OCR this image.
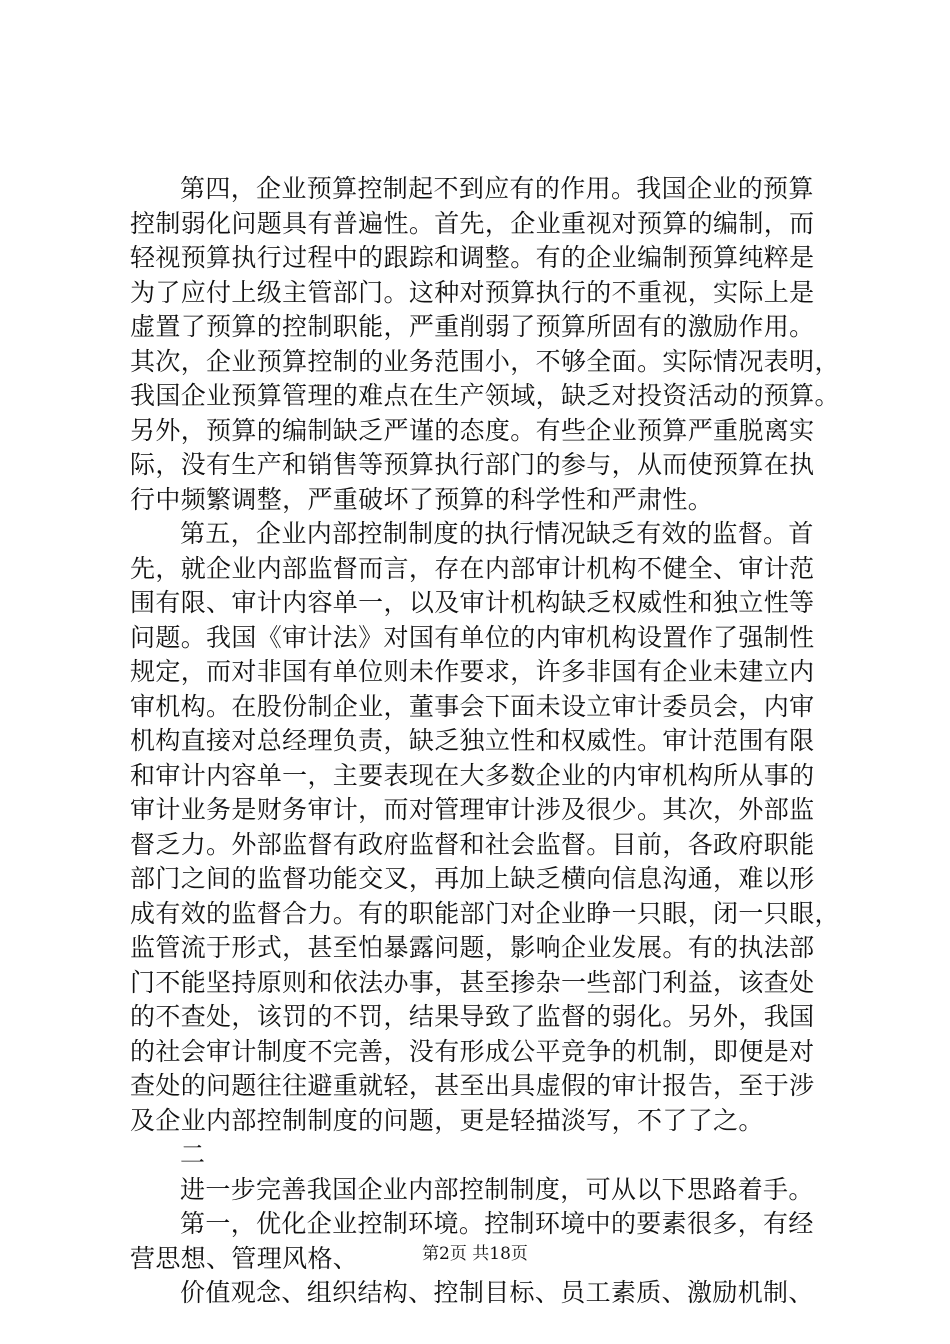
第四，企业预算控制起不到应有的作用。我国企业的预算
控制弱化问题具有普遍性。首先，企业重视对预算的编制，而
轻视预算执行过程中的跟踪和调整。有的企业编制预算纯粹是
为了应付上级主管部门。这种对预算执行的不重视，实际上是
虚置了预算的控制职能，严重削弱了预算所固有的激励作用。
其次，企业预算控制的业务范围小，不够全面。实际情况表明，
我国企业预算管理的难点在生产领域，缺乏对投资活动的预算。
另外，预算的编制缺乏严谨的态度。有些企业预算严重脱离实
际，没有生产和销售等预算执行部门的参与，从而使预算在执
行中频繁调整，严重破坏了预算的科学性和严肃性。
第五，企业内部控制制度的执行情况缺乏有效的监督。首
先，就企业内部监督而言，存在内部审计机构不健全、审计范
围有限、审计内容单一，以及审计机构缺乏权威性和独立性等
问题。我国《审计法》对国有单位的内审机构设置作了强制性
规定，而对非国有单位则未作要求，许多非国有企业未建立内
审机构。在股份制企业，董事会下面未设立审计委员会，内审
机构直接对总经理负责，缺乏独立性和权威性。审计范围有限
和审计内容单一，主要表现在大多数企业的内审机构所从事的
审计业务是财务审计，而对管理审计涉及很少。其次，外部监
督乏力。外部监督有政府监督和社会监督。目前，各政府职能
部门之间的监督功能交叉，再加上缺乏横向信息沟通，难以形
成有效的监督合力。有的职能部门对企业睁一只眼，闭一只眼，
监管流于形式，甚至怕暴露问题，影响企业发展。有的执法部
门不能坚持原则和依法办事，甚至掺杂一些部门利益，该查处
的不查处，该罚的不罚，结果导致了监督的弱化。另外，我国
的社会审计制度不完善，没有形成公平竞争的机制，即便是对
查处的问题往往避重就轻，甚至出具虚假的审计报告，至于涉
及企业内部控制制度的问题，更是轻描淡写，不了了之。
二
进一步完善我国企业内部控制制度，可从以下思路着手。
第一，优化企业控制环境。控制环境中的要素很多，有经
营思想、管理风格、
价值观念、组织结构、控制目标、员工素质、激励机制、
第2页 共18页
